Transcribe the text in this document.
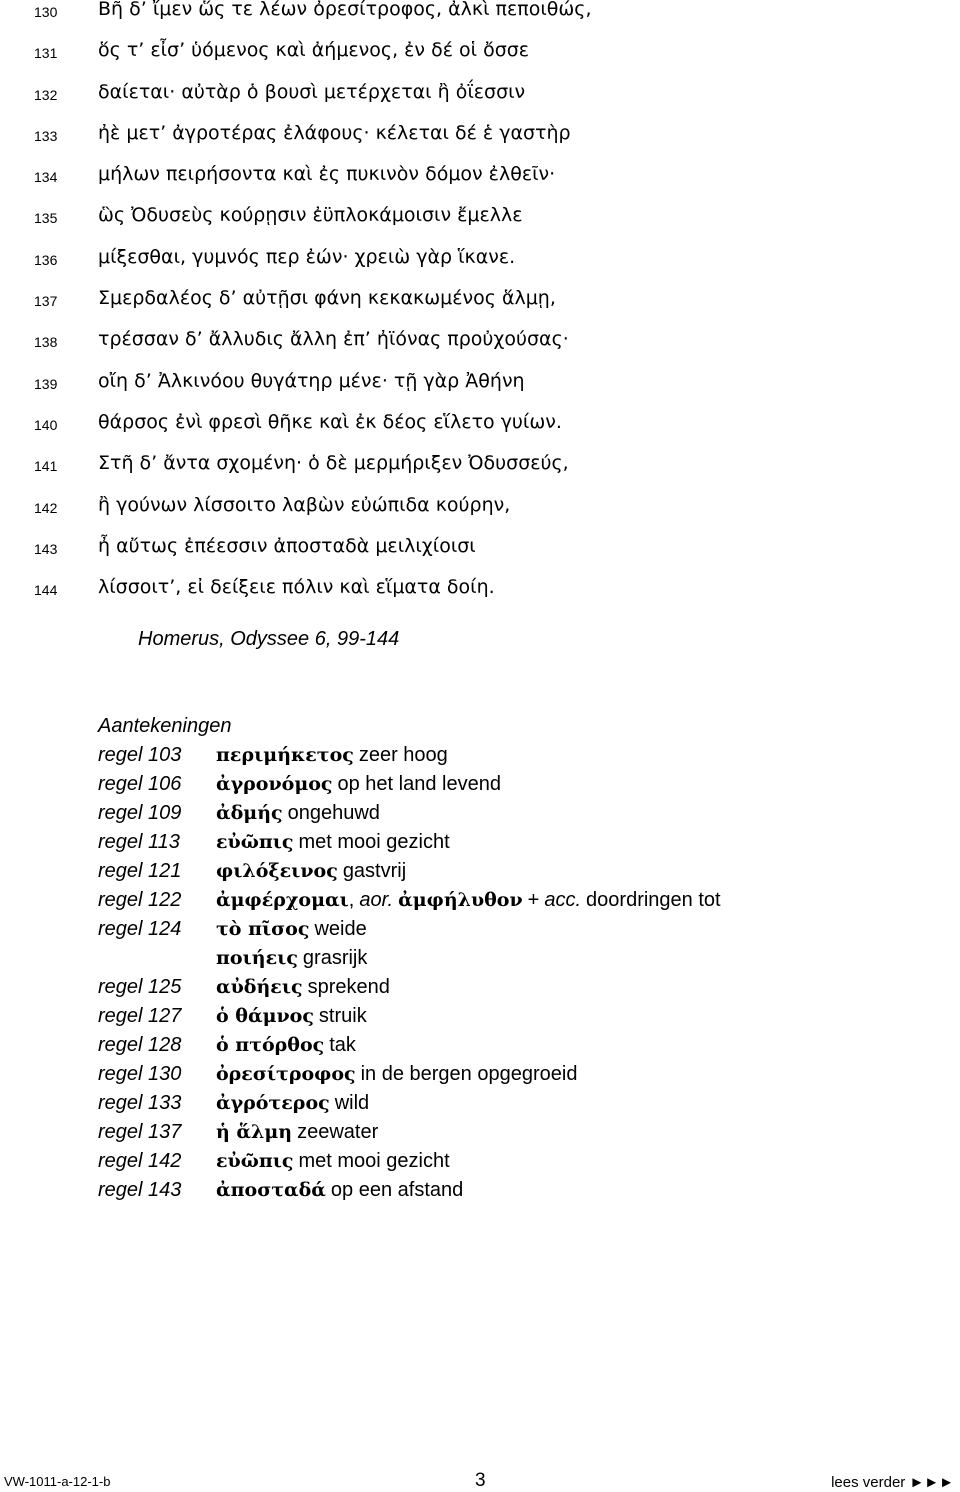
130 Βῆ δ’ ἴμεν ὥς τε λέων ὀρεσίτροφος, ἀλκὶ πεποιθώς,
131 ὅς τ’ εἶσ’ ὑόμενος καὶ ἀήμενος, ἐν δέ οἱ ὄσσε
132 δαίεται· αὐτὰρ ὁ βουσὶ μετέρχεται ἢ ὀΐεσσιν
133 ἠὲ μετ’ ἀγροτέρας ἐλάφους· κέλεται δέ ἑ γαστὴρ
134 μήλων πειρήσοντα καὶ ἐς πυκινὸν δόμον ἐλθεῖν·
135 ὣς Ὀδυσεὺς κούρῃσιν ἐϋπλοκάμοισιν ἔμελλε
136 μίξεσθαι, γυμνός περ ἐών· χρειὼ γὰρ ἵκανε.
137 Σμερδαλέος δ’ αὐτῇσι φάνη κεκακωμένος ἅλμῃ,
138 τρέσσαν δ’ ἄλλυδις ἄλλη ἐπ’ ἠϊόνας προὐχούσας·
139 οἴη δ’ Ἀλκινόου θυγάτηρ μένε· τῇ γὰρ Ἀθήνη
140 θάρσος ἐνὶ φρεσὶ θῆκε καὶ ἐκ δέος εἵλετο γυίων.
141 Στῆ δ’ ἄντα σχομένη· ὁ δὲ μερμήριξεν Ὀδυσσεύς,
142 ἢ γούνων λίσσοιτο λαβὼν εὐώπιδα κούρην,
143 ἦ αὔτως ἐπέεσσιν ἀποσταδὰ μειλιχίοισι
144 λίσσοιτ’, εἰ δείξειε πόλιν καὶ εἵματα δοίη.
Homerus, Odyssee 6, 99-144
Aantekeningen
regel 103 περιμήκετος zeer hoog
regel 106 ἀγρονόμος op het land levend
regel 109 ἀδμής ongehuwd
regel 113 εὐῶπις met mooi gezicht
regel 121 φιλόξεινος gastvrij
regel 122 ἀμφέρχομαι, aor. ἀμφήλυθον + acc. doordringen tot
regel 124 τὸ πῖσος weide
ποιήεις grasrijk
regel 125 αὐδήεις sprekend
regel 127 ὁ θάμνος struik
regel 128 ὁ πτόρθος tak
regel 130 ὀρεσίτροφος in de bergen opgegroeid
regel 133 ἀγρότερος wild
regel 137 ἡ ἅλμη zeewater
regel 142 εὐῶπις met mooi gezicht
regel 143 ἀποσταδά op een afstand
VW-1011-a-12-1-b	3	lees verder ►►►
